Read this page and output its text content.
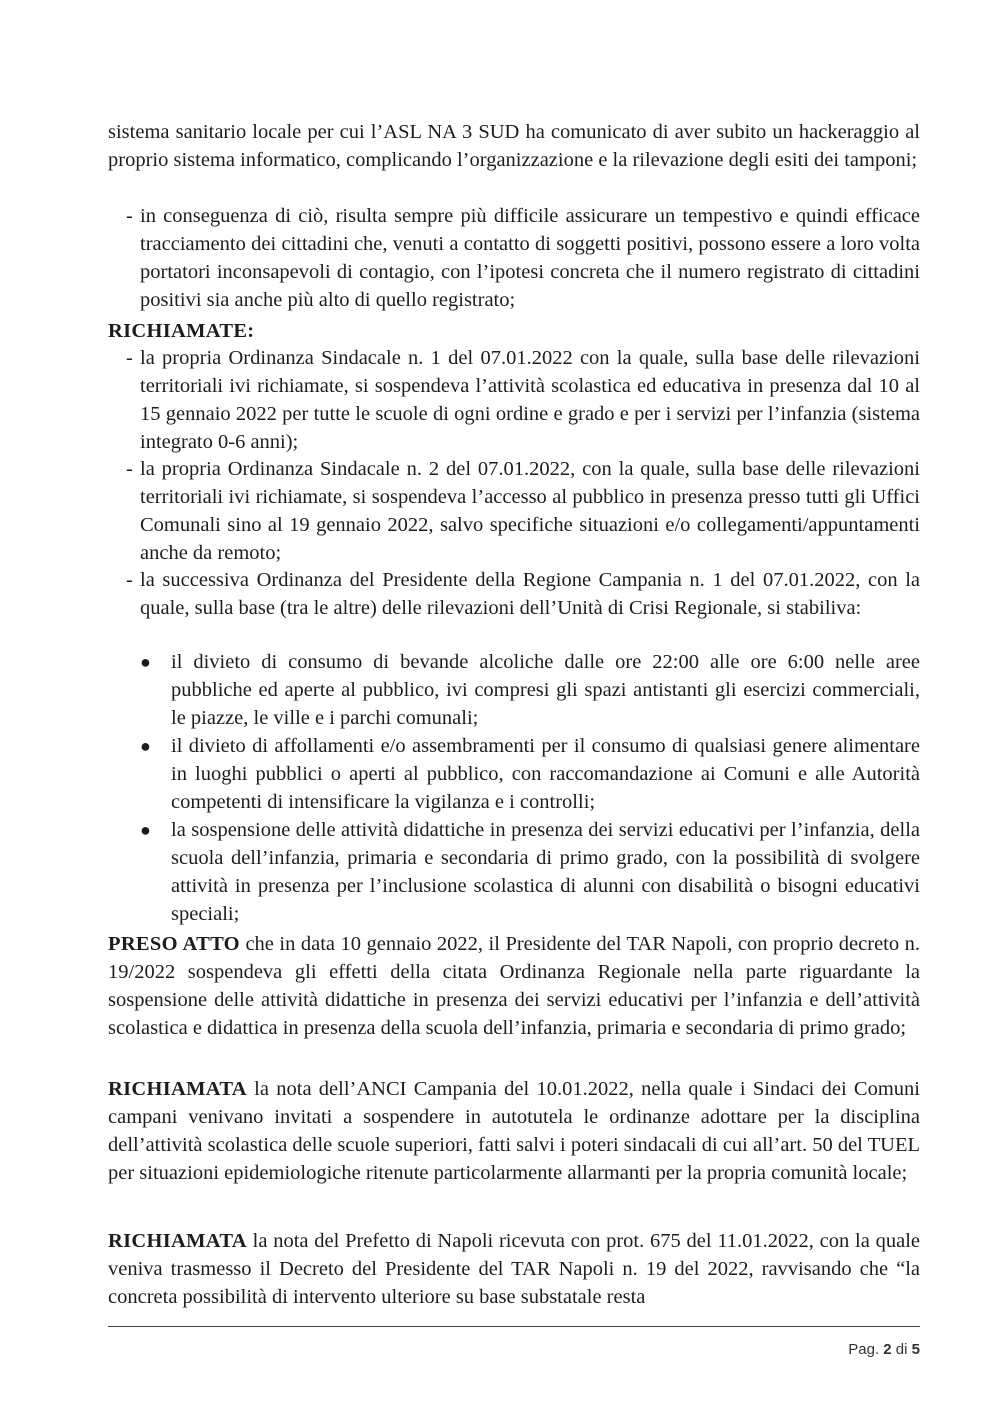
sistema sanitario locale per cui l’ASL NA 3 SUD ha comunicato di aver subito un hackeraggio al proprio sistema informatico, complicando l’organizzazione e la rilevazione degli esiti dei tamponi;

- in conseguenza di ciò, risulta sempre più difficile assicurare un tempestivo e quindi efficace tracciamento dei cittadini che, venuti a contatto di soggetti positivi, possono essere a loro volta portatori inconsapevoli di contagio, con l’ipotesi concreta che il numero registrato di cittadini positivi sia anche più alto di quello registrato;

RICHIAMATE:

- la propria Ordinanza Sindacale n. 1 del 07.01.2022 con la quale, sulla base delle rilevazioni territoriali ivi richiamate, si sospendeva l’attività scolastica ed educativa in presenza dal 10 al 15 gennaio 2022 per tutte le scuole di ogni ordine e grado e per i servizi per l’infanzia (sistema integrato 0-6 anni);

- la propria Ordinanza Sindacale n. 2 del 07.01.2022, con la quale, sulla base delle rilevazioni territoriali ivi richiamate, si sospendeva l’accesso al pubblico in presenza presso tutti gli Uffici Comunali sino al 19 gennaio 2022, salvo specifiche situazioni e/o collegamenti/appuntamenti anche da remoto;

- la successiva Ordinanza del Presidente della Regione Campania n. 1 del 07.01.2022, con la quale, sulla base (tra le altre) delle rilevazioni dell’Unità di Crisi Regionale, si stabiliva:

● il divieto di consumo di bevande alcoliche dalle ore 22:00 alle ore 6:00 nelle aree pubbliche ed aperte al pubblico, ivi compresi gli spazi antistanti gli esercizi commerciali, le piazze, le ville e i parchi comunali;

● il divieto di affollamenti e/o assembramenti per il consumo di qualsiasi genere alimentare in luoghi pubblici o aperti al pubblico, con raccomandazione ai Comuni e alle Autorità competenti di intensificare la vigilanza e i controlli;

● la sospensione delle attività didattiche in presenza dei servizi educativi per l’infanzia, della scuola dell’infanzia, primaria e secondaria di primo grado, con la possibilità di svolgere attività in presenza per l’inclusione scolastica di alunni con disabilità o bisogni educativi speciali;

PRESO ATTO che in data 10 gennaio 2022, il Presidente del TAR Napoli, con proprio decreto n. 19/2022 sospendeva gli effetti della citata Ordinanza Regionale nella parte riguardante la sospensione delle attività didattiche in presenza dei servizi educativi per l’infanzia e dell’attività scolastica e didattica in presenza della scuola dell’infanzia, primaria e secondaria di primo grado;

RICHIAMATA la nota dell’ANCI Campania del 10.01.2022, nella quale i Sindaci dei Comuni campani venivano invitati a sospendere in autotutela le ordinanze adottare per la disciplina dell’attività scolastica delle scuole superiori, fatti salvi i poteri sindacali di cui all’art. 50 del TUEL per situazioni epidemiologiche ritenute particolarmente allarmanti per la propria comunità locale;

RICHIAMATA la nota del Prefetto di Napoli ricevuta con prot. 675 del 11.01.2022, con la quale veniva trasmesso il Decreto del Presidente del TAR Napoli n. 19 del 2022, ravvisando che “la concreta possibilità di intervento ulteriore su base substatale resta

Pag. 2 di 5
